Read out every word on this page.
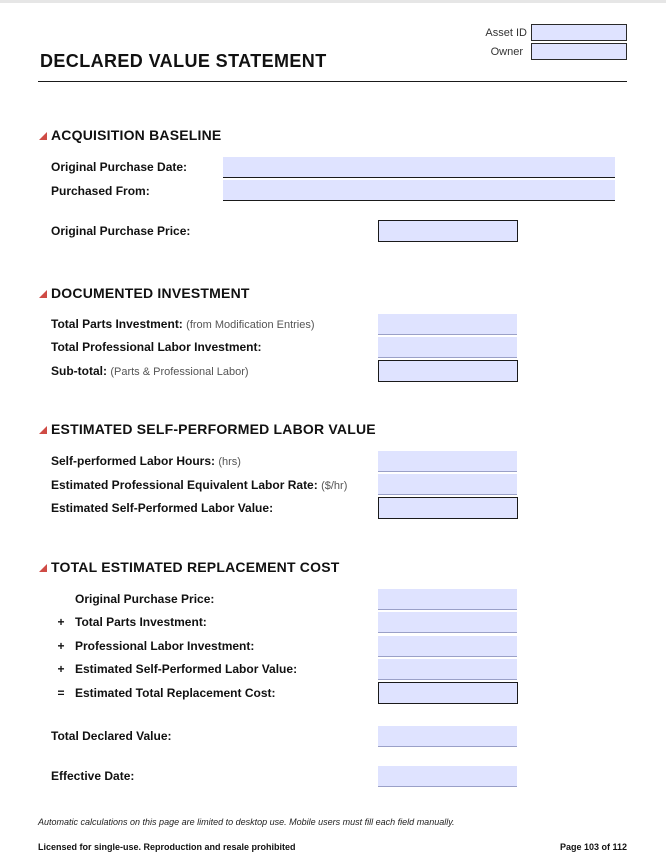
Asset ID
Owner
DECLARED VALUE STATEMENT
ACQUISITION BASELINE
Original Purchase Date:
Purchased From:
Original Purchase Price:
DOCUMENTED INVESTMENT
Total Parts Investment: (from Modification Entries)
Total Professional Labor Investment:
Sub-total: (Parts & Professional Labor)
ESTIMATED SELF-PERFORMED LABOR VALUE
Self-performed Labor Hours: (hrs)
Estimated Professional Equivalent Labor Rate: ($/hr)
Estimated Self-Performed Labor Value:
TOTAL ESTIMATED REPLACEMENT COST
Original Purchase Price:
+ Total Parts Investment:
+ Professional Labor Investment:
+ Estimated Self-Performed Labor Value:
= Estimated Total Replacement Cost:
Total Declared Value:
Effective Date:
Automatic calculations on this page are limited to desktop use. Mobile users must fill each field manually.
Licensed for single-use. Reproduction and resale prohibited	Page 103 of 112
